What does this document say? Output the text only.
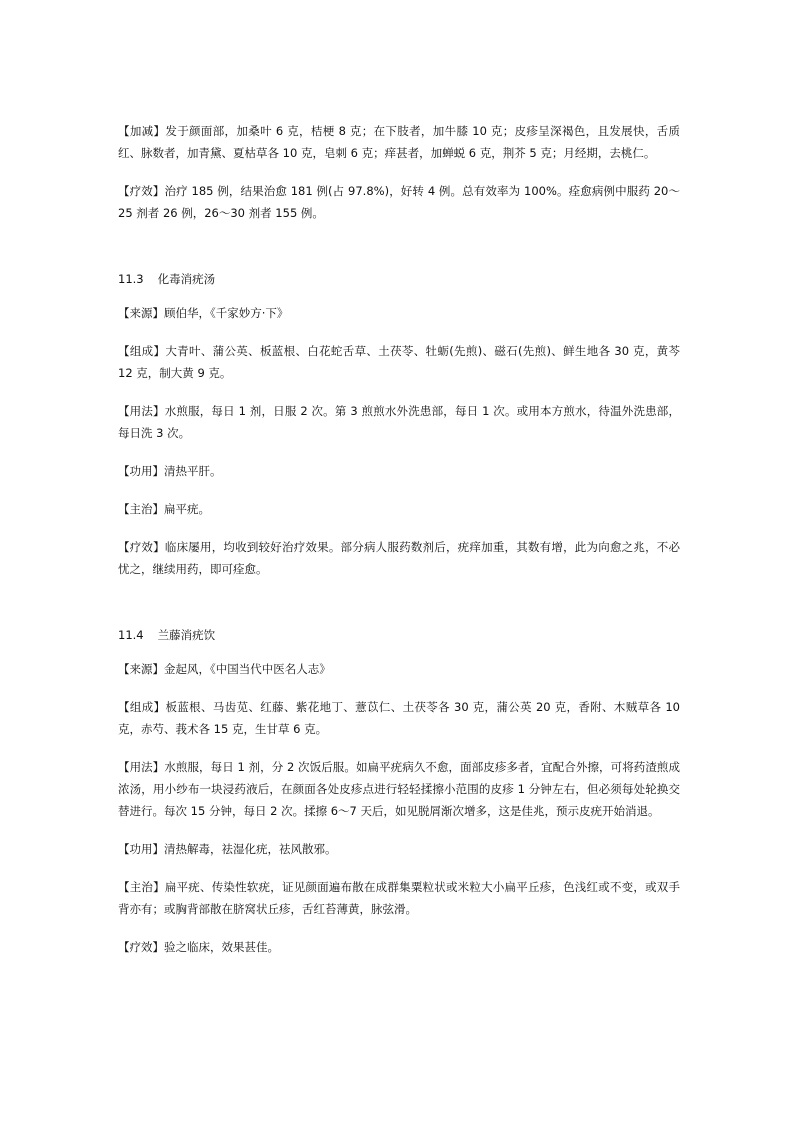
【加减】发于颜面部，加桑叶 6 克，桔梗 8 克；在下肢者，加牛膝 10 克；皮疹呈深褐色，且发展快，舌质红、脉数者，加青黛、夏枯草各 10 克，皂刺 6 克；痒甚者，加蝉蜕 6 克，荆芥 5 克；月经期，去桃仁。

【疗效】治疗 185 例，结果治愈 181 例(占 97.8%)，好转 4 例。总有效率为 100%。痊愈病例中服药 20～25 剂者 26 例，26～30 剂者 155 例。

11.3 化毒消疣汤

【来源】顾伯华，《千家妙方·下》

【组成】大青叶、蒲公英、板蓝根、白花蛇舌草、土茯苓、牡蛎(先煎)、磁石(先煎)、鲜生地各 30 克，黄芩 12 克，制大黄 9 克。

【用法】水煎服，每日 1 剂，日服 2 次。第 3 煎煎水外洗患部，每日 1 次。或用本方煎水，待温外洗患部，每日洗 3 次。

【功用】清热平肝。

【主治】扁平疣。

【疗效】临床屡用，均收到较好治疗效果。部分病人服药数剂后，疣痒加重，其数有增，此为向愈之兆，不必忧之，继续用药，即可痊愈。

11.4 兰藤消疣饮

【来源】金起风，《中国当代中医名人志》

【组成】板蓝根、马齿苋、红藤、紫花地丁、薏苡仁、土茯苓各 30 克，蒲公英 20 克，香附、木贼草各 10 克，赤芍、莪术各 15 克，生甘草 6 克。

【用法】水煎服，每日 1 剂，分 2 次饭后服。如扁平疣病久不愈，面部皮疹多者，宜配合外擦，可将药渣煎成浓汤，用小纱布一块浸药液后，在颜面各处皮疹点进行轻轻揉擦小范围的皮疹 1 分钟左右，但必须每处轮换交替进行。每次 15 分钟，每日 2 次。揉擦 6～7 天后，如见脱屑渐次增多，这是佳兆，预示皮疣开始消退。

【功用】清热解毒，祛湿化疣，祛风散邪。

【主治】扁平疣、传染性软疣，证见颜面遍布散在成群集粟粒状或米粒大小扁平丘疹，色浅红或不变，或双手背亦有；或胸背部散在脐窝状丘疹，舌红苔薄黄，脉弦滑。

【疗效】验之临床，效果甚佳。
